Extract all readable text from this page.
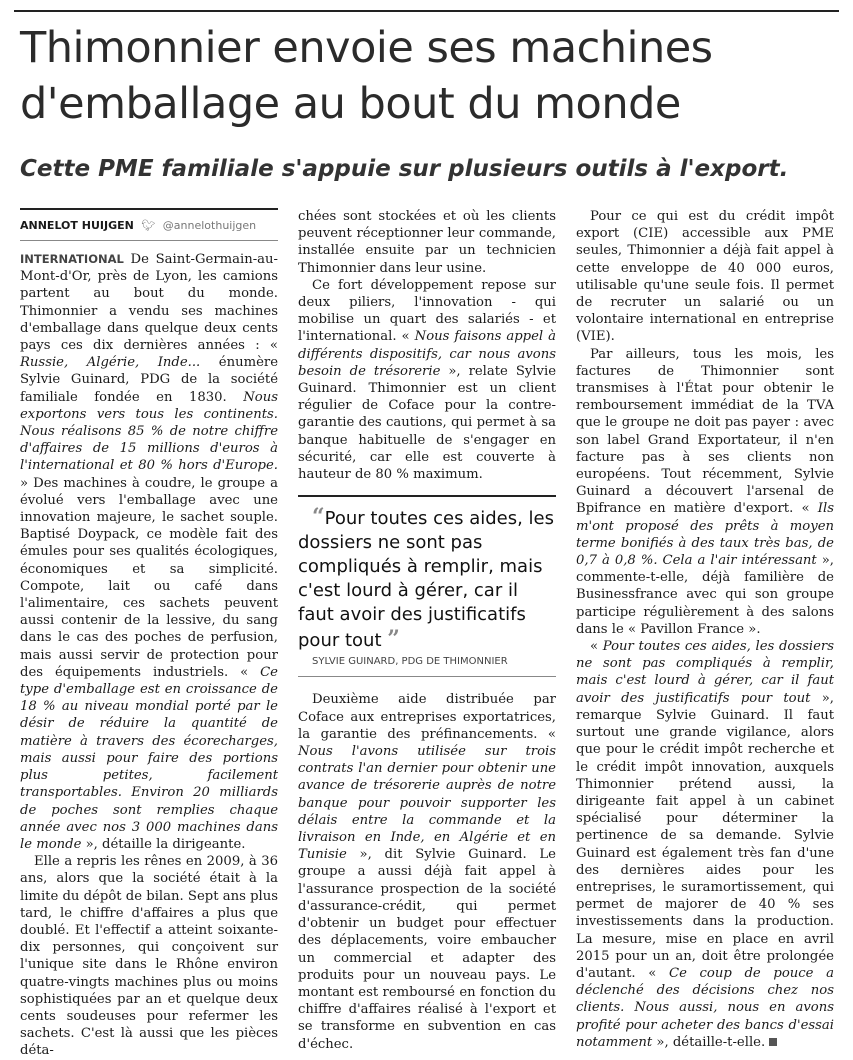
Thimonnier envoie ses machines d'emballage au bout du monde
Cette PME familiale s'appuie sur plusieurs outils à l'export.
ANNELOT HUIJGEN 🐦︎ @annelothuijgen

INTERNATIONAL De Saint-Germain-au-Mont-d'Or, près de Lyon, les camions partent au bout du monde. Thimonnier a vendu ses machines d'emballage dans quelque deux cents pays ces dix dernières années : « Russie, Algérie, Inde... énumère Sylvie Guinard, PDG de la société familiale fondée en 1830. Nous exportons vers tous les continents. Nous réalisons 85 % de notre chiffre d'affaires de 15 millions d'euros à l'international et 80 % hors d'Europe. » Des machines à coudre, le groupe a évolué vers l'emballage avec une innovation majeure, le sachet souple. Baptisé Doypack, ce modèle fait des émules pour ses qualités écologiques, économiques et sa simplicité. Compote, lait ou café dans l'alimentaire, ces sachets peuvent aussi contenir de la lessive, du sang dans le cas des poches de perfusion, mais aussi servir de protection pour des équipements industriels. « Ce type d'emballage est en croissance de 18 % au niveau mondial porté par le désir de réduire la quantité de matière à travers des écorecharges, mais aussi pour faire des portions plus petites, facilement transportables. Environ 20 milliards de poches sont remplies chaque année avec nos 3 000 machines dans le monde », détaille la dirigeante.

Elle a repris les rênes en 2009, à 36 ans, alors que la société était à la limite du dépôt de bilan. Sept ans plus tard, le chiffre d'affaires a plus que doublé. Et l'effectif a atteint soixante-dix personnes, qui conçoivent sur l'unique site dans le Rhône environ quatre-vingts machines plus ou moins sophistiquées par an et quelque deux cents soudeuses pour refermer les sachets. C'est là aussi que les pièces déta-

chées sont stockées et où les clients peuvent réceptionner leur commande, installée ensuite par un technicien Thimonnier dans leur usine.

Ce fort développement repose sur deux piliers, l'innovation - qui mobilise un quart des salariés - et l'international. « Nous faisons appel à différents dispositifs, car nous avons besoin de trésorerie », relate Sylvie Guinard. Thimonnier est un client régulier de Coface pour la contre-garantie des cautions, qui permet à sa banque habituelle de s'engager en sécurité, car elle est couverte à hauteur de 80 % maximum.

“Pour toutes ces aides, les dossiers ne sont pas compliqués à remplir, mais c'est lourd à gérer, car il faut avoir des justificatifs pour tout ”

SYLVIE GUINARD, PDG DE THIMONNIER

Deuxième aide distribuée par Coface aux entreprises exportatrices, la garantie des préfinancements. « Nous l'avons utilisée sur trois contrats l'an dernier pour obtenir une avance de trésorerie auprès de notre banque pour pouvoir supporter les délais entre la commande et la livraison en Inde, en Algérie et en Tunisie », dit Sylvie Guinard. Le groupe a aussi déjà fait appel à l'assurance prospection de la société d'assurance-crédit, qui permet d'obtenir un budget pour effectuer des déplacements, voire embaucher un commercial et adapter des produits pour un nouveau pays. Le montant est remboursé en fonction du chiffre d'affaires réalisé à l'export et se transforme en subvention en cas d'échec.

Pour ce qui est du crédit impôt export (CIE) accessible aux PME seules, Thimonnier a déjà fait appel à cette enveloppe de 40 000 euros, utilisable qu'une seule fois. Il permet de recruter un salarié ou un volontaire international en entreprise (VIE).

Par ailleurs, tous les mois, les factures de Thimonnier sont transmises à l'État pour obtenir le remboursement immédiat de la TVA que le groupe ne doit pas payer : avec son label Grand Exportateur, il n'en facture pas à ses clients non européens. Tout récemment, Sylvie Guinard a découvert l'arsenal de Bpifrance en matière d'export. « Ils m'ont proposé des prêts à moyen terme bonifiés à des taux très bas, de 0,7 à 0,8 %. Cela a l'air intéressant », commente-t-elle, déjà familière de Businessfrance avec qui son groupe participe régulièrement à des salons dans le « Pavillon France ».

« Pour toutes ces aides, les dossiers ne sont pas compliqués à remplir, mais c'est lourd à gérer, car il faut avoir des justificatifs pour tout », remarque Sylvie Guinard. Il faut surtout une grande vigilance, alors que pour le crédit impôt recherche et le crédit impôt innovation, auxquels Thimonnier prétend aussi, la dirigeante fait appel à un cabinet spécialisé pour déterminer la pertinence de sa demande. Sylvie Guinard est également très fan d'une des dernières aides pour les entreprises, le suramortissement, qui permet de majorer de 40 % ses investissements dans la production. La mesure, mise en place en avril 2015 pour un an, doit être prolongée d'autant. « Ce coup de pouce a déclenché des décisions chez nos clients. Nous aussi, nous en avons profité pour acheter des bancs d'essai notamment », détaille-t-elle.
